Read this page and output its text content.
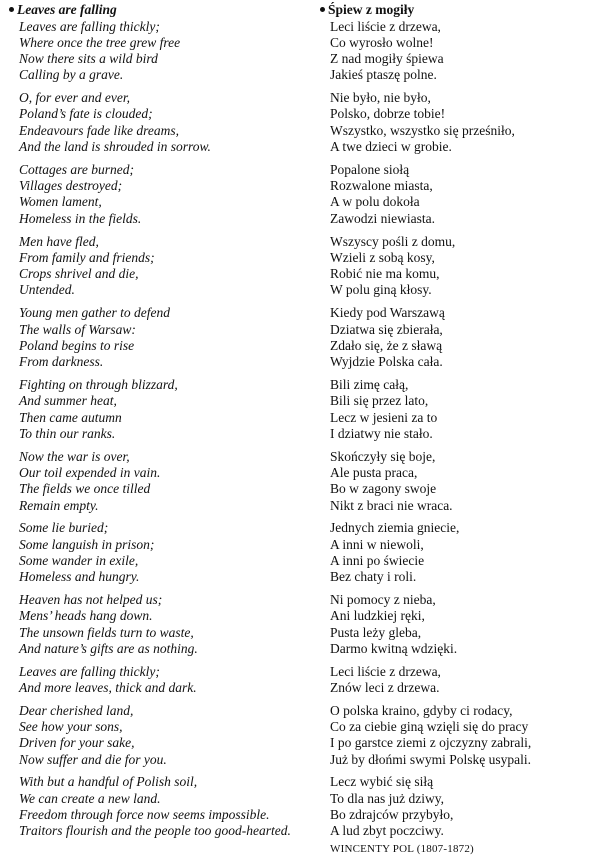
Leaves are falling
Leaves are falling thickly;
Where once the tree grew free
Now there sits a wild bird
Calling by a grave.
O, for ever and ever,
Poland’s fate is clouded;
Endeavours fade like dreams,
And the land is shrouded in sorrow.
Cottages are burned;
Villages destroyed;
Women lament,
Homeless in the fields.
Men have fled,
From family and friends;
Crops shrivel and die,
Untended.
Young men gather to defend
The walls of Warsaw:
Poland begins to rise
From darkness.
Fighting on through blizzard,
And summer heat,
Then came autumn
To thin our ranks.
Now the war is over,
Our toil expended in vain.
The fields we once tilled
Remain empty.
Some lie buried;
Some languish in prison;
Some wander in exile,
Homeless and hungry.
Heaven has not helped us;
Mens’ heads hang down.
The unsown fields turn to waste,
And nature’s gifts are as nothing.
Leaves are falling thickly;
And more leaves, thick and dark.
Dear cherished land,
See how your sons,
Driven for your sake,
Now suffer and die for you.
With but a handful of Polish soil,
We can create a new land.
Freedom through force now seems impossible.
Traitors flourish and the people too good-hearted.
Śpiew z mogiły
Leci liście z drzewa,
Co wyrosło wolne!
Z nad mogiły śpiewa
Jakieś ptaszę polne.
Nie było, nie było,
Polsko, dobrze tobie!
Wszystko, wszystko się prześniło,
A twe dzieci w grobie.
Popalone siołą
Rozwalone miasta,
A w polu dokoła
Zawodzi niewiasta.
Wszyscy pośli z domu,
Wzieli z sobą kosy,
Robić nie ma komu,
W polu giną kłosy.
Kiedy pod Warszawą
Dziatwa się zbierała,
Zdało się, że z sławą
Wyjdzie Polska cała.
Bili zimę całą,
Bili się przez lato,
Lecz w jesieni za to
I dziatwy nie stało.
Skończyły się boje,
Ale pusta praca,
Bo w zagony swoje
Nikt z braci nie wraca.
Jednych ziemia gniecie,
A inni w niewoli,
A inni po świecie
Bez chaty i roli.
Ni pomocy z nieba,
Ani ludzkiej ręki,
Pusta leży gleba,
Darmo kwitną wdzięki.
Leci liście z drzewa,
Znów leci z drzewa.
O polska kraino, gdyby ci rodacy,
Co za ciebie giną wzięli się do pracy
I po garstce ziemi z ojczyzny zabrali,
Już by dłońmi swymi Polskę usypali.
Lecz wybić się siłą
To dla nas już dziwy,
Bo zdrajców przybyło,
A lud zbyt poczciwy.
WINCENTY POL (1807-1872)
